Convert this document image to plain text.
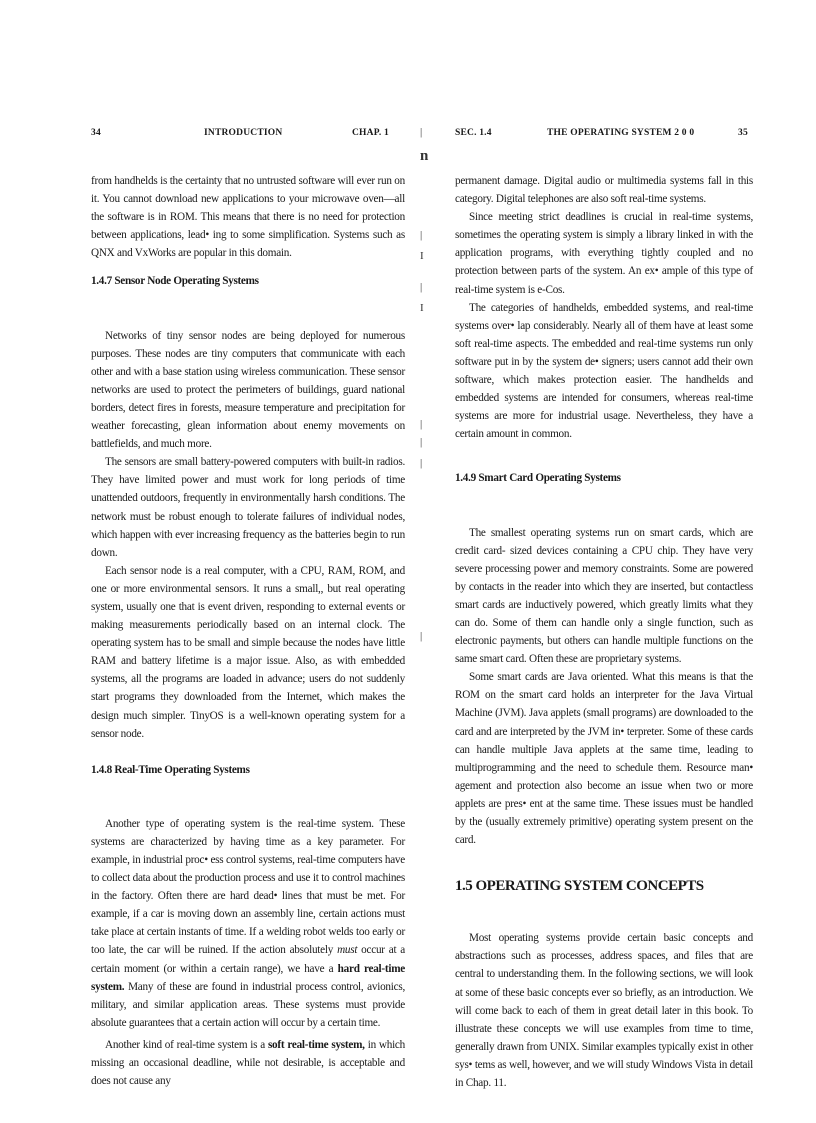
|
n
|
I
|
I
|
|
|
|
34	INTRODUCTION	CHAP. 1

from handhelds is the certainty that no untrusted software will ever run on it. You cannot download new applications to your microwave oven—all the software is in ROM. This means that there is no need for protection between applications, lead• ing to some simplification. Systems such as QNX and VxWorks are popular in this domain.

1.4.7 Sensor Node Operating Systems

Networks of tiny sensor nodes are being deployed for numerous purposes. These nodes are tiny computers that communicate with each other and with a base station using wireless communication. These sensor networks are used to protect the perimeters of buildings, guard national borders, detect fires in forests, measure temperature and precipitation for weather forecasting, glean information about enemy movements on battlefields, and much more.

The sensors are small battery-powered computers with built-in radios. They have limited power and must work for long periods of time unattended outdoors, frequently in environmentally harsh conditions. The network must be robust enough to tolerate failures of individual nodes, which happen with ever increasing frequency as the batteries begin to run down.

Each sensor node is a real computer, with a CPU, RAM, ROM, and one or more environmental sensors. It runs a small,, but real operating system, usually one that is event driven, responding to external events or making measurements periodically based on an internal clock. The operating system has to be small and simple because the nodes have little RAM and battery lifetime is a major issue. Also, as with embedded systems, all the programs are loaded in advance; users do not suddenly start programs they downloaded from the Internet, which makes the design much simpler. TinyOS is a well-known operating system for a sensor node.

1.4.8 Real-Time Operating Systems

Another type of operating system is the real-time system. These systems are characterized by having time as a key parameter. For example, in industrial proc• ess control systems, real-time computers have to collect data about the production process and use it to control machines in the factory. Often there are hard dead• lines that must be met. For example, if a car is moving down an assembly line, certain actions must take place at certain instants of time. If a welding robot welds too early or too late, the car will be ruined. If the action absolutely must occur at a certain moment (or within a certain range), we have a hard real-time system. Many of these are found in industrial process control, avionics, military, and similar application areas. These systems must provide absolute guarantees that a certain action will occur by a certain time.

Another kind of real-time system is a soft real-time system, in which missing an occasional deadline, while not desirable, is acceptable and does not cause any

SEC. 1.4	THE OPERATING SYSTEM 2 0 0	35

permanent damage. Digital audio or multimedia systems fall in this category. Digital telephones are also soft real-time systems.

Since meeting strict deadlines is crucial in real-time systems, sometimes the operating system is simply a library linked in with the application programs, with everything tightly coupled and no protection between parts of the system. An ex• ample of this type of real-time system is e-Cos.

The categories of handhelds, embedded systems, and real-time systems over• lap considerably. Nearly all of them have at least some soft real-time aspects. The embedded and real-time systems run only software put in by the system de• signers; users cannot add their own software, which makes protection easier. The handhelds and embedded systems are intended for consumers, whereas real-time systems are more for industrial usage. Nevertheless, they have a certain amount in common.

1.4.9 Smart Card Operating Systems

The smallest operating systems run on smart cards, which are credit card- sized devices containing a CPU chip. They have very severe processing power and memory constraints. Some are powered by contacts in the reader into which they are inserted, but contactless smart cards are inductively powered, which greatly limits what they can do. Some of them can handle only a single function, such as electronic payments, but others can handle multiple functions on the same smart card. Often these are proprietary systems.

Some smart cards are Java oriented. What this means is that the ROM on the smart card holds an interpreter for the Java Virtual Machine (JVM). Java applets (small programs) are downloaded to the card and are interpreted by the JVM in• terpreter. Some of these cards can handle multiple Java applets at the same time, leading to multiprogramming and the need to schedule them. Resource man• agement and protection also become an issue when two or more applets are pres• ent at the same time. These issues must be handled by the (usually extremely primitive) operating system present on the card.

1.5 OPERATING SYSTEM CONCEPTS

Most operating systems provide certain basic concepts and abstractions such as processes, address spaces, and files that are central to understanding them. In the following sections, we will look at some of these basic concepts ever so briefly, as an introduction. We will come back to each of them in great detail later in this book. To illustrate these concepts we will use examples from time to time, generally drawn from UNIX. Similar examples typically exist in other sys• tems as well, however, and we will study Windows Vista in detail in Chap. 11.
